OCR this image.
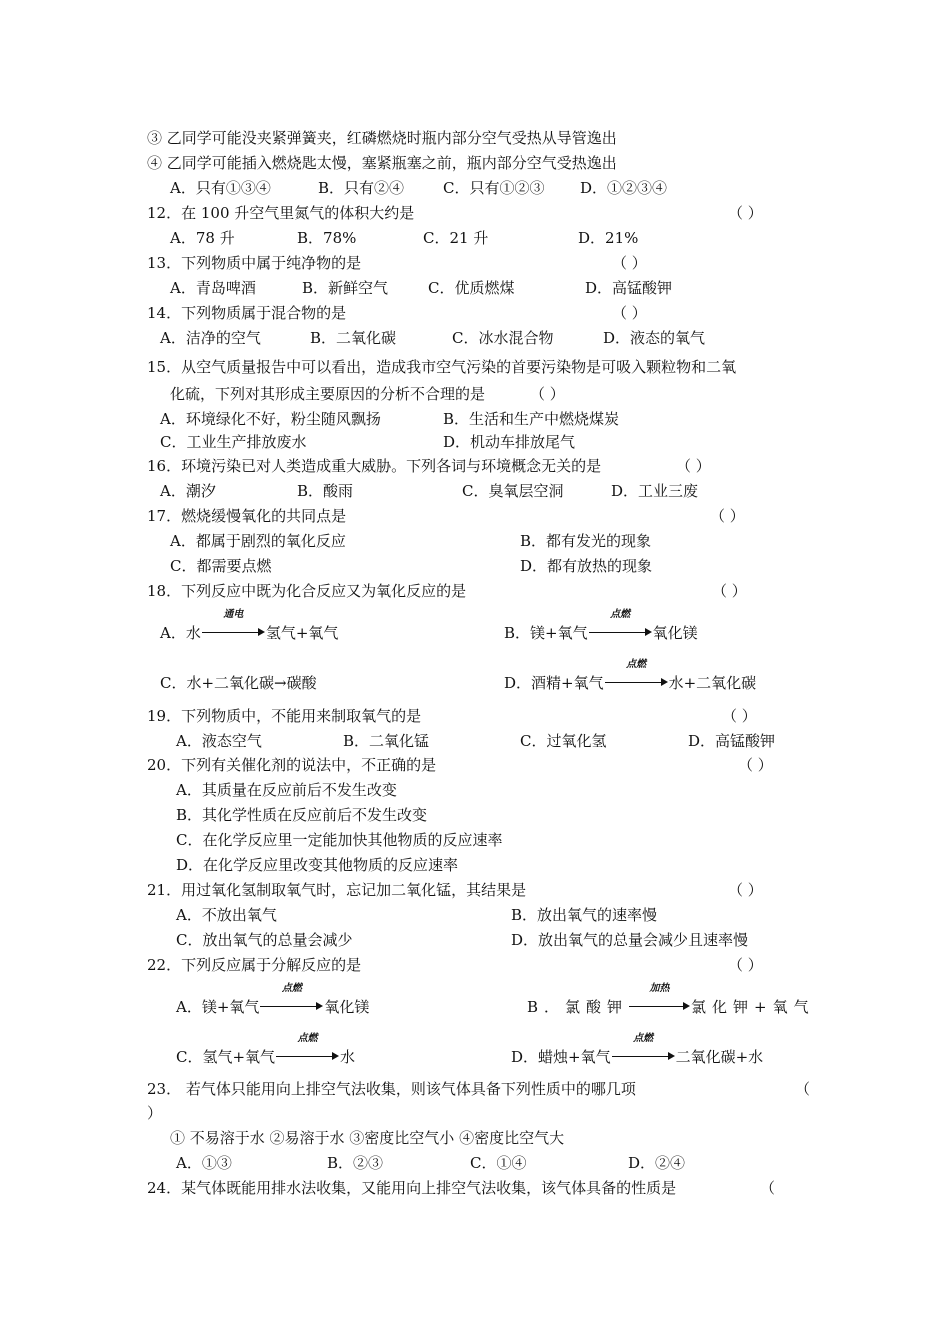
③ 乙同学可能没夹紧弹簧夹，红磷燃烧时瓶内部分空气受热从导管逸出
④ 乙同学可能插入燃烧匙太慢，塞紧瓶塞之前，瓶内部分空气受热逸出
A．只有①③④	B．只有②④	C．只有①②③ D．①②③④
12．在 100 升空气里氮气的体积大约是	（ ）
A．78 升	B．78%	C．21 升	D．21%
13．下列物质中属于纯净物的是	（ ）
A．青岛啤酒	B．新鲜空气	C．优质燃煤	D．高锰酸钾
14．下列物质属于混合物的是	（ ）
A．洁净的空气	B．二氧化碳	C．冰水混合物	D．液态的氧气
15．从空气质量报告中可以看出，造成我市空气污染的首要污染物是可吸入颗粒物和二氧
化硫，下列对其形成主要原因的分析不合理的是	（ ）
A．环境绿化不好，粉尘随风飘扬	B．生活和生产中燃烧煤炭
C．工业生产排放废水	D．机动车排放尾气
16．环境污染已对人类造成重大威胁。下列各词与环境概念无关的是	（ ）
A．潮汐	B．酸雨	C．臭氧层空洞	D．工业三废
17．燃烧缓慢氧化的共同点是	（ ）
A．都属于剧烈的氧化反应	B．都有发光的现象
C．都需要点燃	D．都有放热的现象
18．下列反应中既为化合反应又为氧化反应的是	（ ）
A．水
通电
氢气+氧气	B．镁+氧气
点燃
氧化镁
C．水+二氧化碳→碳酸	D．酒精+氧气
点燃
水+二氧化碳
19．下列物质中，不能用来制取氧气的是	（ ）
A．液态空气	B．二氧化锰	C．过氧化氢	D．高锰酸钾
20．下列有关催化剂的说法中，不正确的是	（ ）
A．其质量在反应前后不发生改变
B．其化学性质在反应前后不发生改变
C．在化学反应里一定能加快其他物质的反应速率
D．在化学反应里改变其他物质的反应速率
21．用过氧化氢制取氧气时，忘记加二氧化锰，其结果是	（ ）
A．不放出氧气	B．放出氧气的速率慢
C．放出氧气的总量会减少	D．放出氧气的总量会减少且速率慢
22．下列反应属于分解反应的是	（ ）
A．镁+氧气
点燃
氧化镁	B．氯酸钾
加热
氯化钾+氧气
C．氢气+氧气
点燃
水	D．蜡烛+氧气
点燃
二氧化碳+水
23． 若气体只能用向上排空气法收集，则该气体具备下列性质中的哪几项	（
）
① 不易溶于水 ②易溶于水 ③密度比空气小 ④密度比空气大
A．①③	B．②③	C．①④	D．②④
24．某气体既能用排水法收集，又能用向上排空气法收集，该气体具备的性质是	（
